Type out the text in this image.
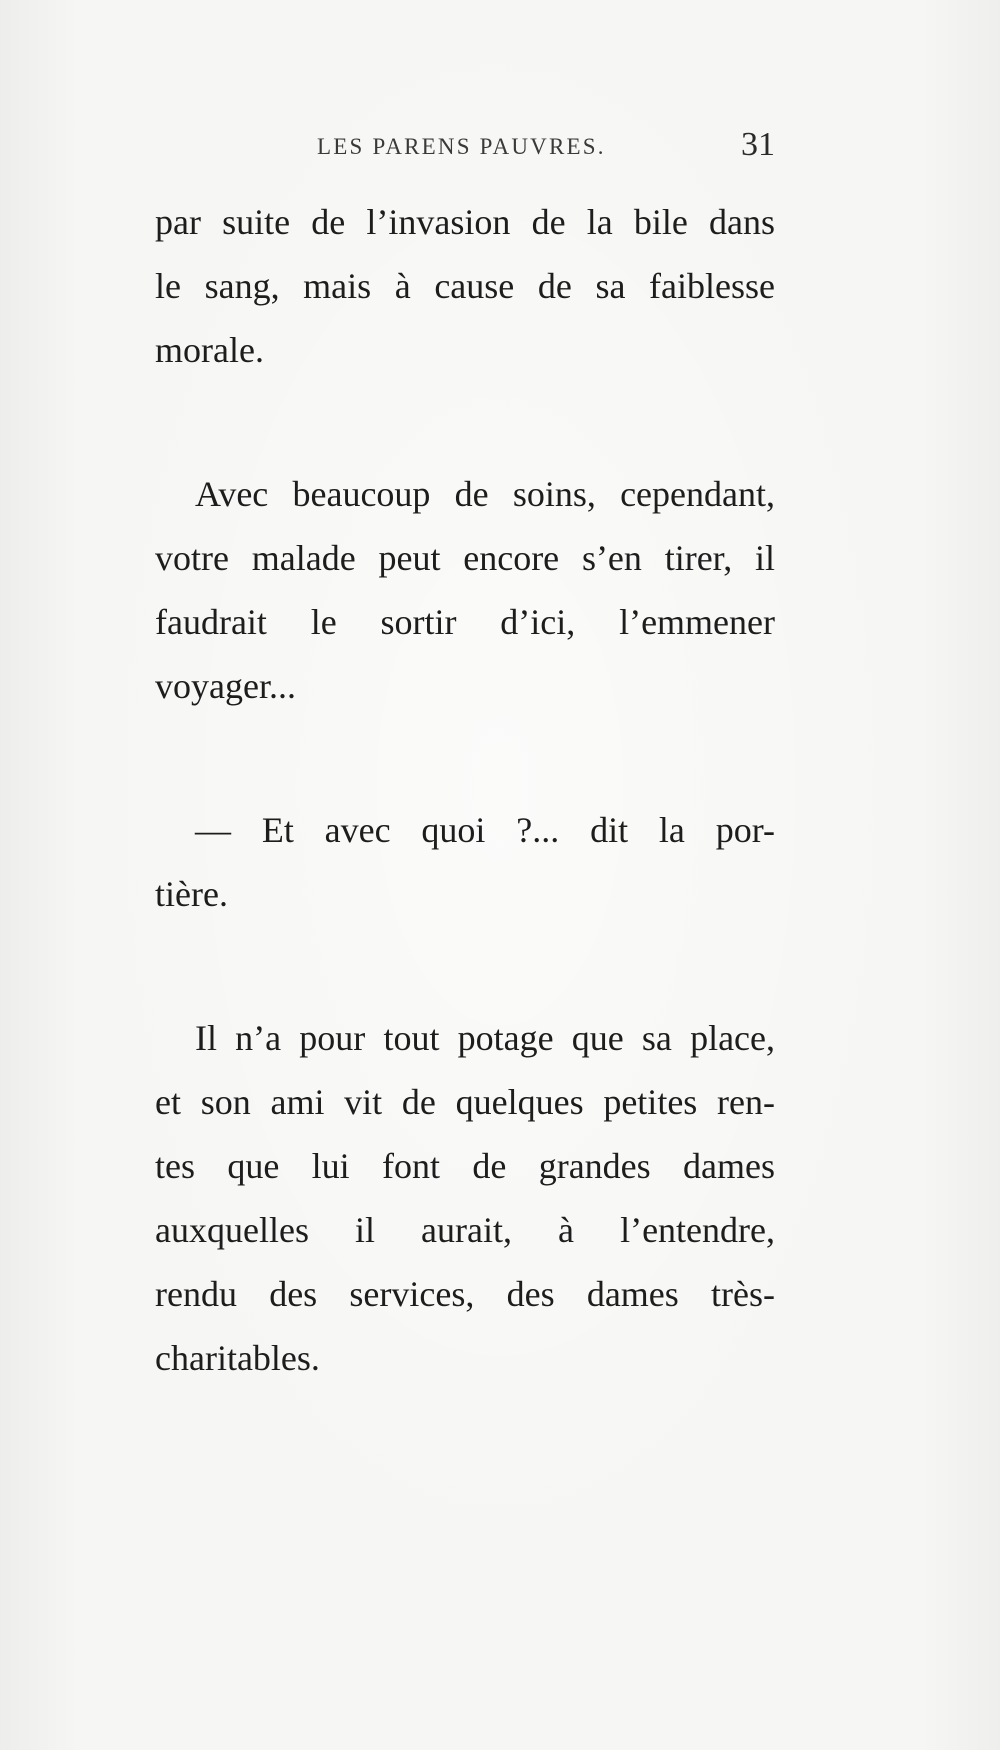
LES PARENS PAUVRES.	31
par suite de l’invasion de la bile dans
le sang, mais à cause de sa faiblesse
morale.
Avec beaucoup de soins, cependant,
votre malade peut encore s’en tirer, il
faudrait le sortir d’ici, l’emmener
voyager...
— Et avec quoi ?... dit la por-
tière.
Il n’a pour tout potage que sa place,
et son ami vit de quelques petites ren-
tes que lui font de grandes dames
auxquelles il aurait, à l’entendre,
rendu des services, des dames très-
charitables.
